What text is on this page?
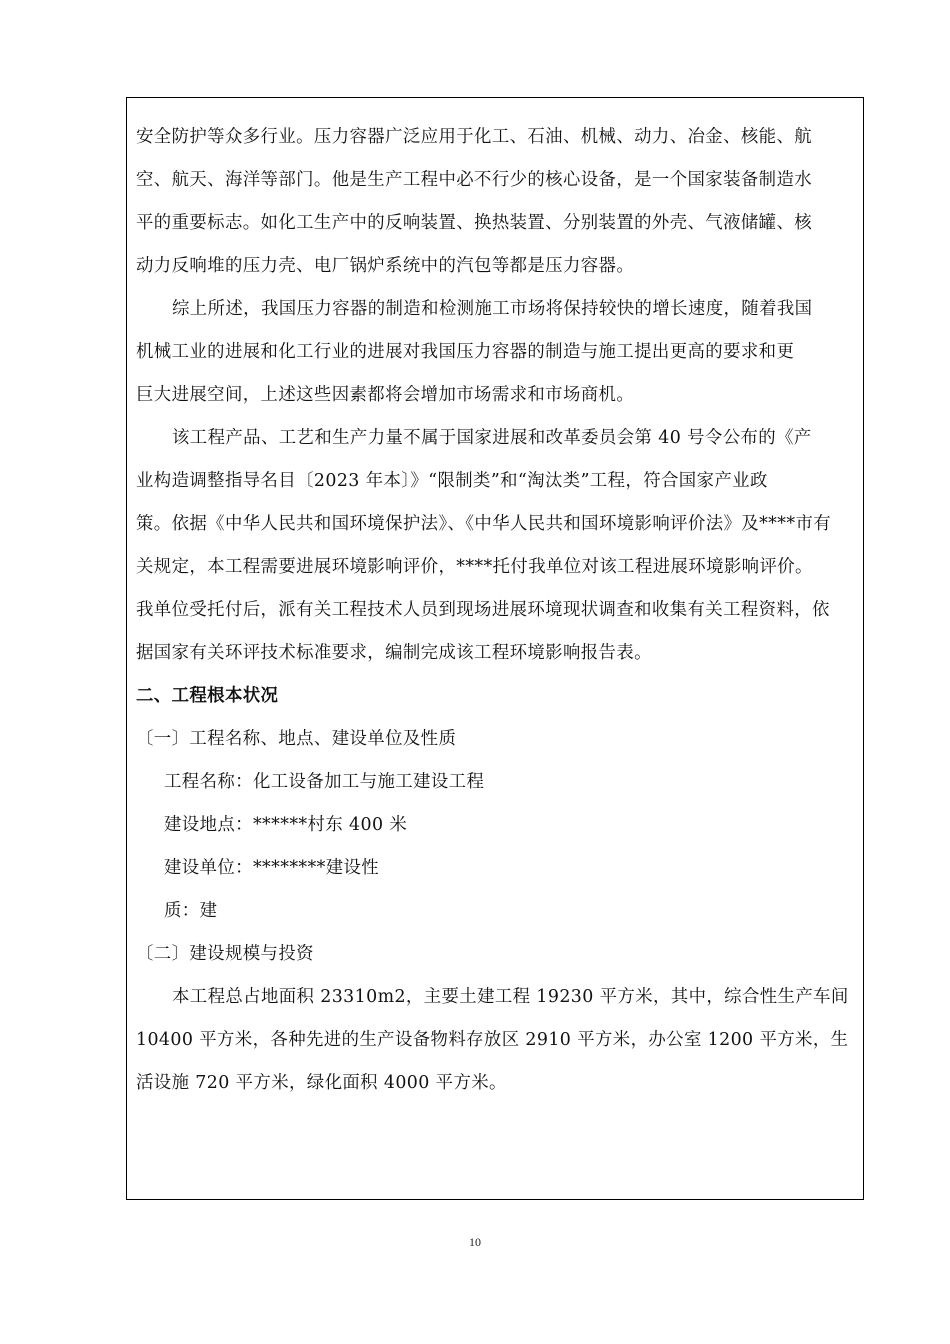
安全防护等众多行业。压力容器广泛应用于化工、石油、机械、动力、冶金、核能、航
空、航天、海洋等部门。他是生产工程中必不行少的核心设备，是一个国家装备制造水
平的重要标志。如化工生产中的反响装置、换热装置、分别装置的外壳、气液储罐、核
动力反响堆的压力壳、电厂锅炉系统中的汽包等都是压力容器。

综上所述，我国压力容器的制造和检测施工市场将保持较快的增长速度，随着我国
机械工业的进展和化工行业的进展对我国压力容器的制造与施工提出更高的要求和更
巨大进展空间，上述这些因素都将会增加市场需求和市场商机。

该工程产品、工艺和生产力量不属于国家进展和改革委员会第 40 号令公布的《产
业构造调整指导名目〔2023 年本〕》“限制类”和“淘汰类”工程，符合国家产业政
策。依据《中华人民共和国环境保护法》、《中华人民共和国环境影响评价法》及****市有
关规定，本工程需要进展环境影响评价，****托付我单位对该工程进展环境影响评价。
我单位受托付后，派有关工程技术人员到现场进展环境现状调查和收集有关工程资料，依
据国家有关环评技术标准要求，编制完成该工程环境影响报告表。

二、工程根本状况
〔一〕工程名称、地点、建设单位及性质
工程名称：化工设备加工与施工建设工程
建设地点：******村东 400 米
建设单位：********建设性
质：建
〔二〕建设规模与投资

本工程总占地面积 23310m2，主要土建工程 19230 平方米，其中，综合性生产车间
10400 平方米，各种先进的生产设备物料存放区 2910 平方米，办公室 1200 平方米，生
活设施 720 平方米，绿化面积 4000 平方米。

10
